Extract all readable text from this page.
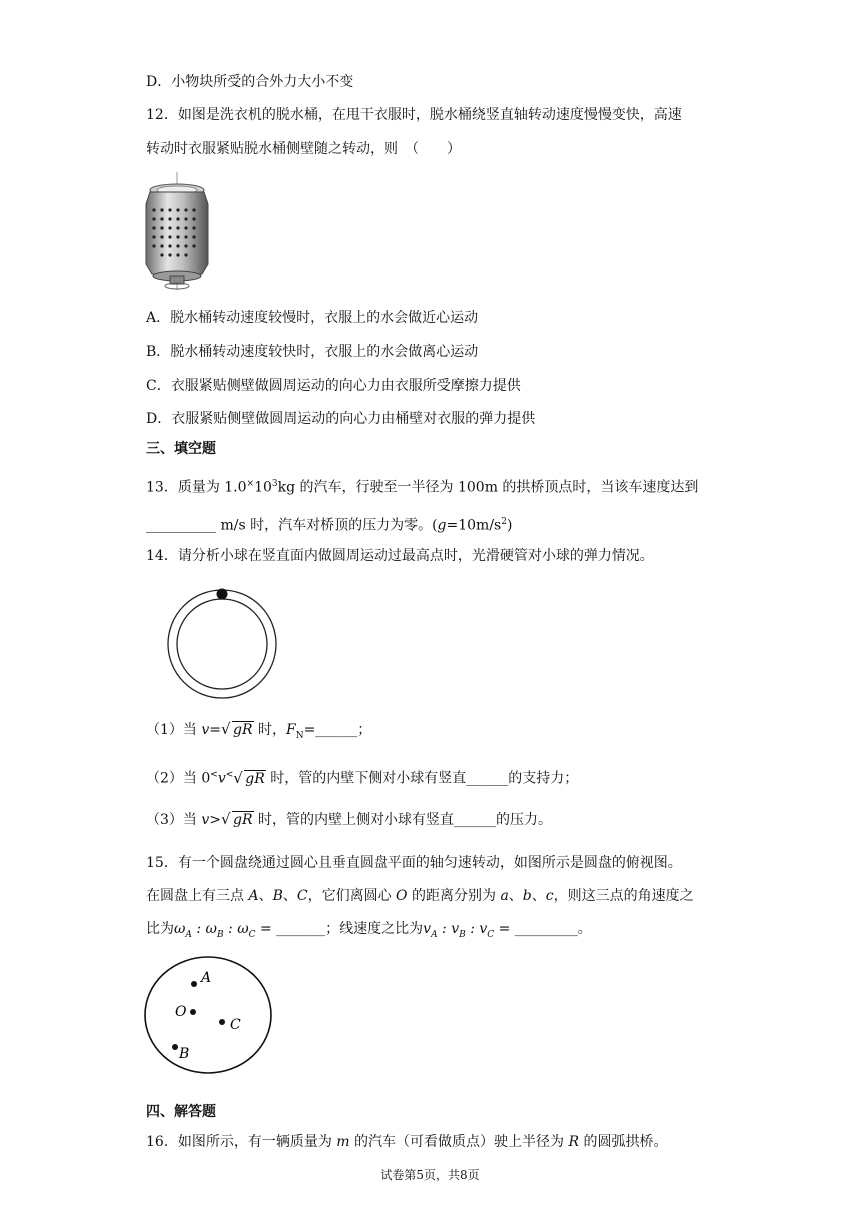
D．小物块所受的合外力大小不变
12．如图是洗衣机的脱水桶，在甩干衣服时，脱水桶绕竖直轴转动速度慢慢变快，高速
转动时衣服紧贴脱水桶侧壁随之转动，则　（　　）
A．脱水桶转动速度较慢时，衣服上的水会做近心运动
B．脱水桶转动速度较快时，衣服上的水会做离心运动
C．衣服紧贴侧壁做圆周运动的向心力由衣服所受摩擦力提供
D．衣服紧贴侧壁做圆周运动的向心力由桶壁对衣服的弹力提供
三、填空题
13．质量为 $1.0^\times 10^3kg$ 的汽车，行驶至一半径为 100m 的拱桥顶点时，当该车速度达到
__________ m/s 时，汽车对桥顶的压力为零。$(g=10m/s^2)$
14．请分析小球在竖直面内做圆周运动过最高点时，光滑硬管对小球的弹力情况。
（1）当 v= √ gR 时，$F_N=\_\_\_\_\_\_$；
（2）当 0<v< √ gR 时，管的内壁下侧对小球有竖直______的支持力；
（3）当 v> √ gR 时，管的内壁上侧对小球有竖直______的压力。
15．有一个圆盘绕通过圆心且垂直圆盘平面的轴匀速转动，如图所示是圆盘的俯视图。
在圆盘上有三点 A、B、C，它们离圆心 O 的距离分别为 a、b、c，则这三点的角速度之
比为$\omega_A$ : $\omega_B$ : $\omega_C$ = _______；线速度之比为$v_A$ : $v_B$ : $v_C$ = _________。
A
O
C
B
四、解答题
16．如图所示，有一辆质量为 m 的汽车（可看做质点）驶上半径为 R 的圆弧拱桥。
试卷第5页，共8页
